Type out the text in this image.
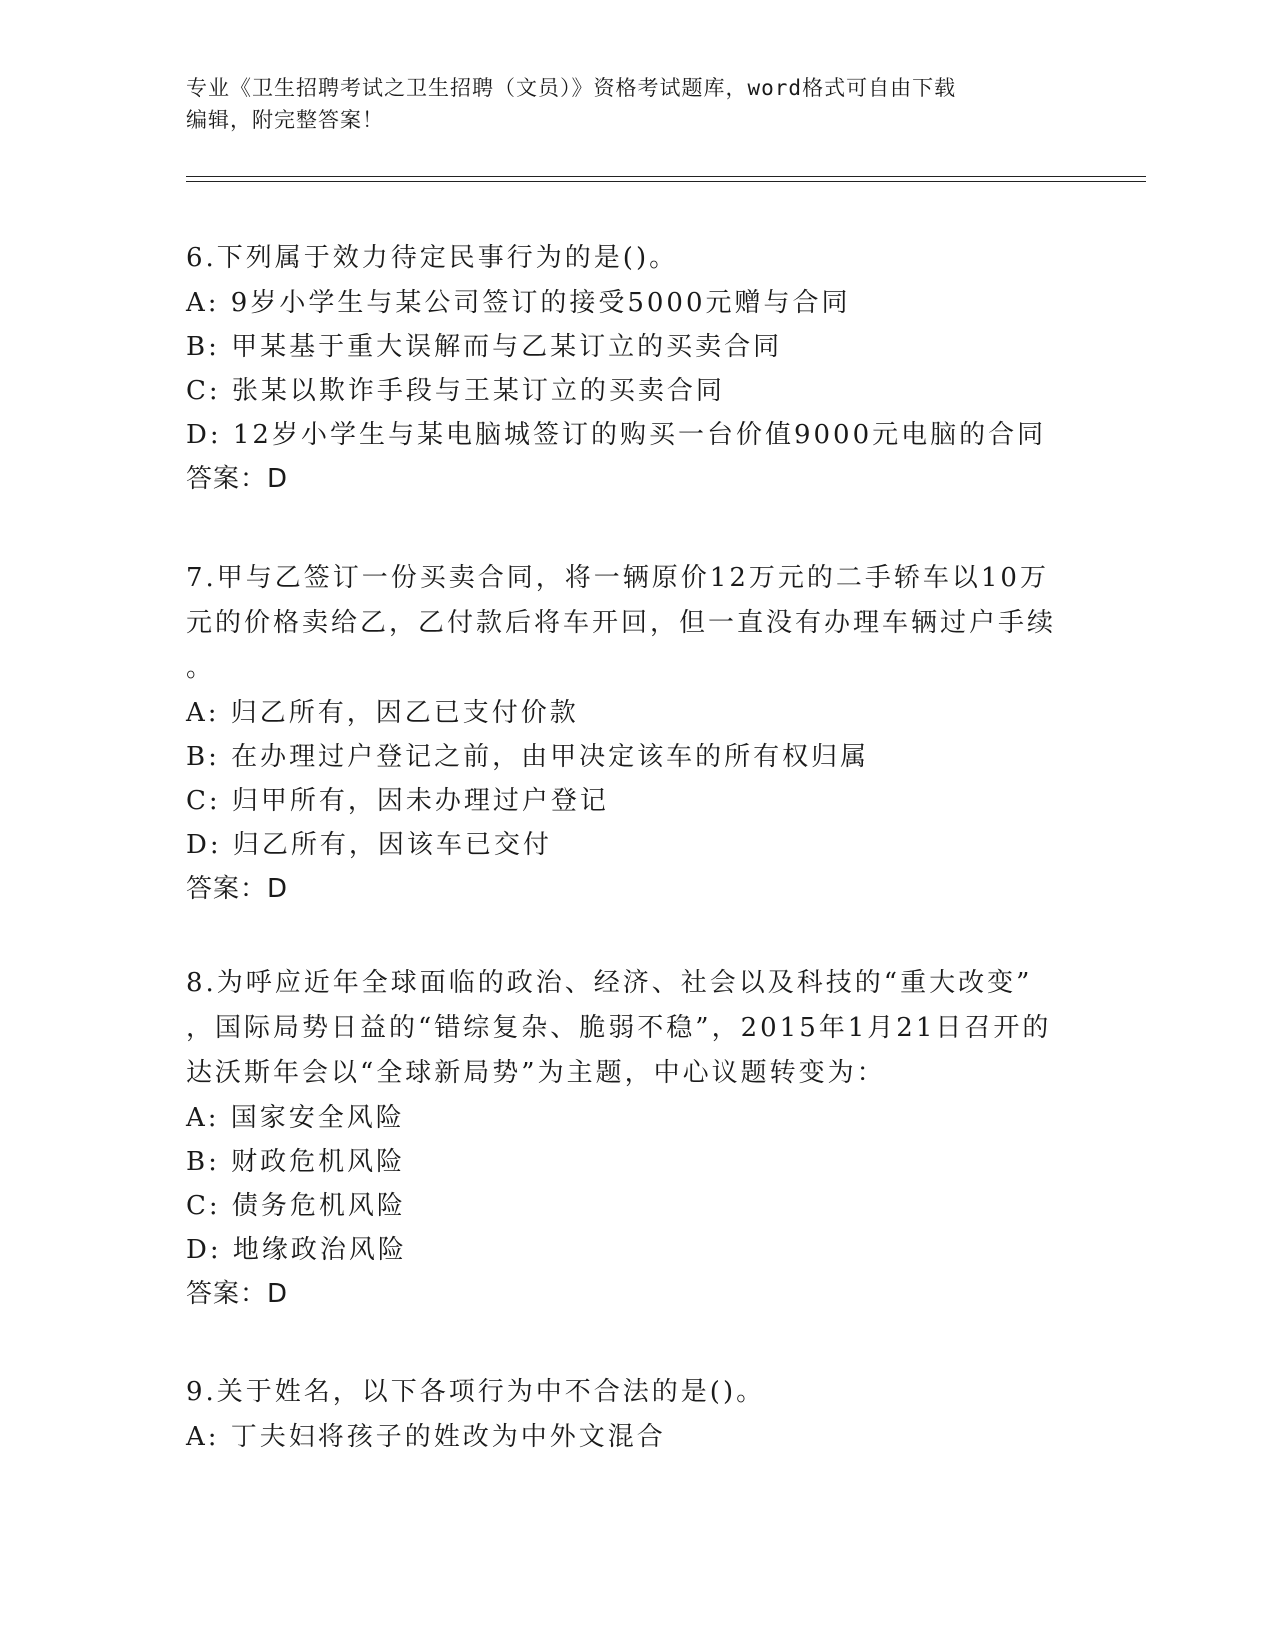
专业《卫生招聘考试之卫生招聘（文员）》资格考试题库，word格式可自由下载
编辑，附完整答案！
6.下列属于效力待定民事行为的是()。
A: 9岁小学生与某公司签订的接受5000元赠与合同
B: 甲某基于重大误解而与乙某订立的买卖合同
C: 张某以欺诈手段与王某订立的买卖合同
D: 12岁小学生与某电脑城签订的购买一台价值9000元电脑的合同
答案：D
7.甲与乙签订一份买卖合同，将一辆原价12万元的二手轿车以10万
元的价格卖给乙，乙付款后将车开回，但一直没有办理车辆过户手续
。
A: 归乙所有，因乙已支付价款
B: 在办理过户登记之前，由甲决定该车的所有权归属
C: 归甲所有，因未办理过户登记
D: 归乙所有，因该车已交付
答案：D
8.为呼应近年全球面临的政治、经济、社会以及科技的“重大改变”
，国际局势日益的“错综复杂、脆弱不稳”，2015年1月21日召开的
达沃斯年会以“全球新局势”为主题，中心议题转变为：
A: 国家安全风险
B: 财政危机风险
C: 债务危机风险
D: 地缘政治风险
答案：D
9.关于姓名，以下各项行为中不合法的是()。
A: 丁夫妇将孩子的姓改为中外文混合
